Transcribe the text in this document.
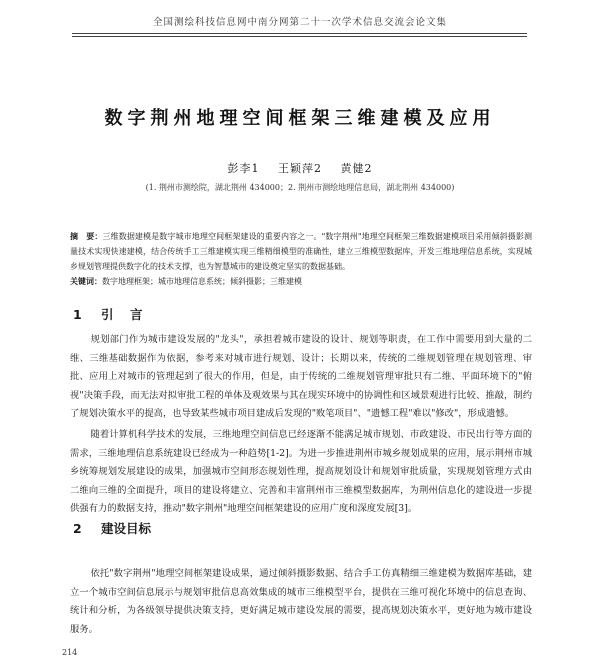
全国测绘科技信息网中南分网第二十一次学术信息交流会论文集
数字荆州地理空间框架三维建模及应用
彭李1 王颖萍2 黄健2
(1. 荆州市测绘院，湖北荆州 434000；2. 荆州市测绘地理信息局，湖北荆州 434000)
摘　要：三维数据建模是数字城市地理空间框架建设的重要内容之一。"数字荆州"地理空间框架三维数据建模项目采用倾斜摄影测量技术实现快速建模，结合传统手工三维建模实现三维精细模型的准确性，建立三维模型数据库，开发三维地理信息系统，实现城乡规划管理提供数字化的技术支撑，也为智慧城市的建设奠定坚实的数据基础。
关键词：数字地理框架；城市地理信息系统；倾斜摄影；三维建模
1 引　言
规划部门作为城市建设发展的"龙头"，承担着城市建设的设计、规划等职责，在工作中需要用到大量的二维、三维基础数据作为依据，参考来对城市进行规划、设计；长期以来，传统的二维规划管理在规划管理、审批、应用上对城市的管理起到了很大的作用，但是，由于传统的二维规划管理审批只有二维、平面环境下的"俯视"决策手段，而无法对拟审批工程的单体及观效果与其在现实环境中的协调性和区域景观进行比较、推敲，制约了规划决策水平的提高，也导致某些城市项目建成后发现的"败笔项目"、"遗憾工程"难以"修改"，形成遗憾。
随着计算机科学技术的发展，三维地理空间信息已经逐渐不能满足城市规划、市政建设、市民出行等方面的需求，三维地理信息系统建设已经成为一种趋势[1-2]。为进一步推进荆州市城乡规划成果的应用，展示荆州市城乡统筹规划发展建设的成果，加强城市空间形态规划性理，提高规划设计和规划审批质量，实现规划管理方式由二维向三维的全面提升，项目的建设将建立、完善和丰富荆州市三维模型数据库，为荆州信息化的建设进一步提供强有力的数据支持，推动"数字荆州"地理空间框架建设的应用广度和深度发展[3]。
2 建设目标
依托"数字荆州"地理空间框架建设成果，通过倾斜摄影数据、结合手工仿真精细三维建模为数据库基础，建立一个城市空间信息展示与规划审批信息高效集成的城市三维模型平台，提供在三维可视化环境中的信息查询、统计和分析，为各级领导提供决策支持，更好满足城市建设发展的需要，提高规划决策水平，更好地为城市建设服务。
214
